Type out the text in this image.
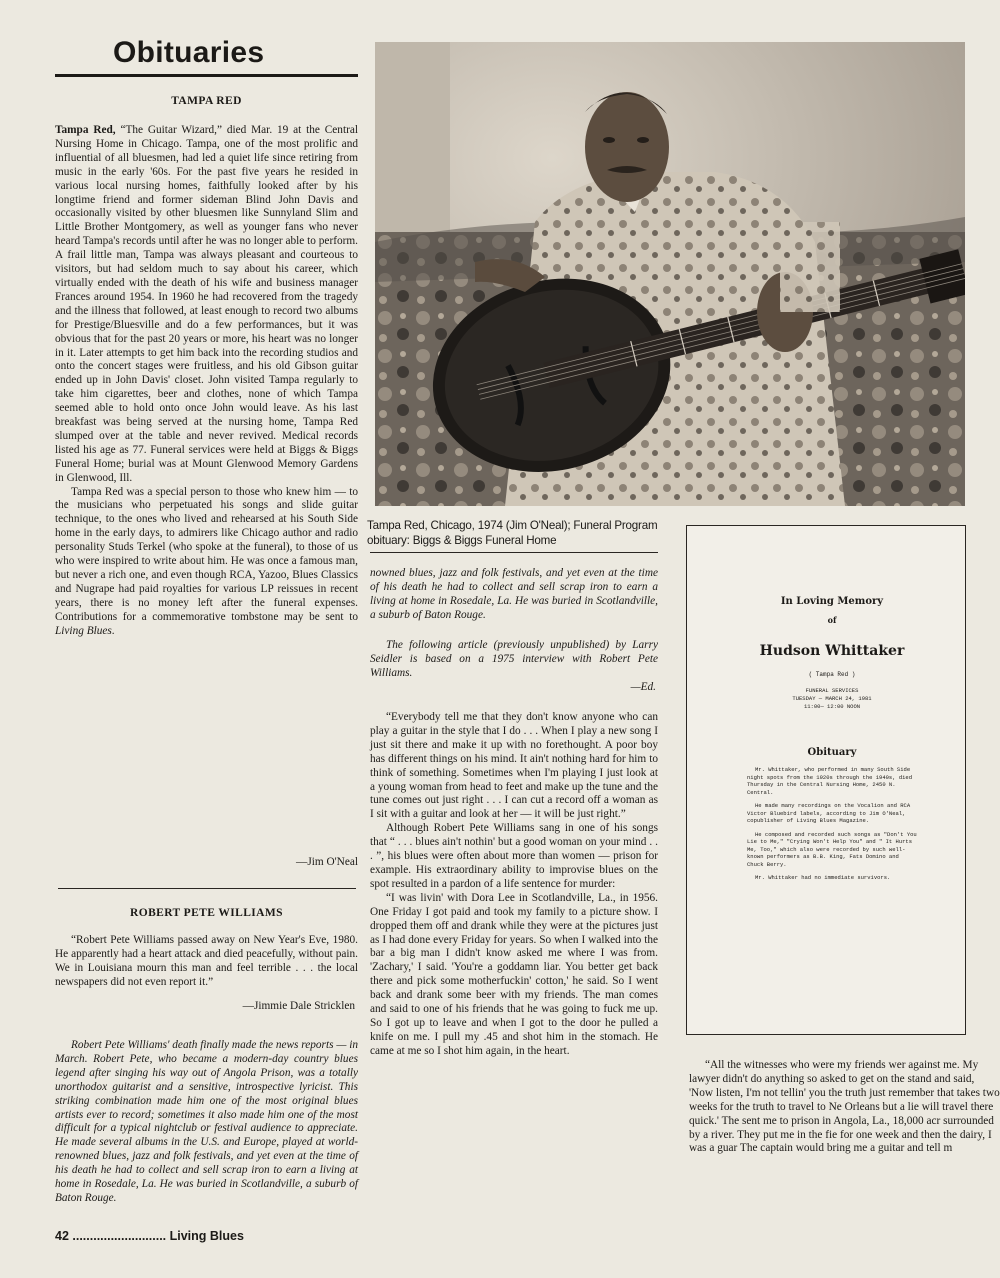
Obituaries
TAMPA RED

Tampa Red, “The Guitar Wizard,” died Mar. 19 at the Central Nursing Home in Chicago. Tampa, one of the most prolific and influential of all bluesmen, had led a quiet life since retiring from music in the early '60s. For the past five years he resided in various local nursing homes, faithfully looked after by his longtime friend and former sideman Blind John Davis and occasionally visited by other bluesmen like Sunnyland Slim and Little Brother Montgomery, as well as younger fans who never heard Tampa's records until after he was no longer able to perform. A frail little man, Tampa was always pleasant and courteous to visitors, but had seldom much to say about his career, which virtually ended with the death of his wife and business manager Frances around 1954. In 1960 he had recovered from the tragedy and the illness that followed, at least enough to record two albums for Prestige/Bluesville and do a few performances, but it was obvious that for the past 20 years or more, his heart was no longer in it. Later attempts to get him back into the recording studios and onto the concert stages were fruitless, and his old Gibson guitar ended up in John Davis' closet. John visited Tampa regularly to take him cigarettes, beer and clothes, none of which Tampa seemed able to hold onto once John would leave. As his last breakfast was being served at the nursing home, Tampa Red slumped over at the table and never revived. Medical records listed his age as 77. Funeral services were held at Biggs & Biggs Funeral Home; burial was at Mount Glenwood Memory Gardens in Glenwood, Ill.

Tampa Red was a special person to those who knew him — to the musicians who perpetuated his songs and slide guitar technique, to the ones who lived and rehearsed at his South Side home in the early days, to admirers like Chicago author and radio personality Studs Terkel (who spoke at the funeral), to those of us who were inspired to write about him. He was once a famous man, but never a rich one, and even though RCA, Yazoo, Blues Classics and Nugrape had paid royalties for various LP reissues in recent years, there is no money left after the funeral expenses. Contributions for a commemorative tombstone may be sent to Living Blues.

—Jim O'Neal

ROBERT PETE WILLIAMS

“Robert Pete Williams passed away on New Year's Eve, 1980. He apparently had a heart attack and died peacefully, without pain. We in Louisiana mourn this man and feel terrible . . . the local newspapers did not even report it.”

—Jimmie Dale Stricklen

Robert Pete Williams' death finally made the news reports — in March. Robert Pete, who became a modern-day country blues legend after singing his way out of Angola Prison, was a totally unorthodox guitarist and a sensitive, introspective lyricist. This striking combination made him one of the most original blues artists ever to record; sometimes it also made him one of the most difficult for a typical nightclub or festival audience to appreciate. He made several albums in the U.S. and Europe, played at world-renowned blues, jazz and folk festivals, and yet even at the time of his death he had to collect and sell scrap iron to earn a living at home in Rosedale, La. He was buried in Scotlandville, a suburb of Baton Rouge.

Tampa Red, Chicago, 1974 (Jim O'Neal); Funeral Program obituary: Biggs & Biggs Funeral Home

nowned blues, jazz and folk festivals, and yet even at the time of his death he had to collect and sell scrap iron to earn a living at home in Rosedale, La. He was buried in Scotlandville, a suburb of Baton Rouge.

The following article (previously unpublished) by Larry Seidler is based on a 1975 interview with Robert Pete Williams.

—Ed.

“Everybody tell me that they don't know anyone who can play a guitar in the style that I do . . . When I play a new song I just sit there and make it up with no forethought. A poor boy has different things on his mind. It ain't nothing hard for him to think of something. Sometimes when I'm playing I just look at a young woman from head to feet and make up the tune and the tune comes out just right . . . I can cut a record off a woman as I sit with a guitar and look at her — it will be just right.”

Although Robert Pete Williams sang in one of his songs that “ . . . blues ain't nothin' but a good woman on your mind . . . ”, his blues were often about more than women — prison for example. His extraordinary ability to improvise blues on the spot resulted in a pardon of a life sentence for murder:

“I was livin' with Dora Lee in Scotlandville, La., in 1956. One Friday I got paid and took my family to a picture show. I dropped them off and drank while they were at the pictures just as I had done every Friday for years. So when I walked into the bar a big man I didn't know asked me where I was from. 'Zachary,' I said. 'You're a goddamn liar. You better get back there and pick some motherfuckin' cotton,' he said. So I went back and drank some beer with my friends. The man comes and said to one of his friends that he was going to fuck me up. So I got up to leave and when I got to the door he pulled a knife on me. I pull my .45 and shot him in the stomach. He came at me so I shot him again, in the heart.

In Loving Memory
of
Hudson Whittaker
( Tampa Red )
FUNERAL SERVICES
TUESDAY — MARCH 24, 1981
11:00— 12:00 NOON
Obituary

Mr. Whittaker, who performed in many South Side night spots from the 1920s through the 1940s, died Thursday in the Central Nursing Home, 2450 N. Central.

He made many recordings on the Vocalion and RCA Victor Bluebird labels, according to Jim O'Neal, copublisher of Living Blues Magazine.

He composed and recorded such songs as "Don't You Lie to Me," "Crying Won't Help You" and " It Hurts Me, Too," which also were recorded by such well-known performers as B.B. King, Fats Domino and Chuck Berry.

Mr. Whittaker had no immediate survivors.

“All the witnesses who were my friends wer against me. My lawyer didn't do anything so asked to get on the stand and said, 'Now listen, I'm not tellin' you the truth just remember that takes two weeks for the truth to travel to Ne Orleans but a lie will travel there quick.' The sent me to prison in Angola, La., 18,000 acr surrounded by a river. They put me in the fie for one week and then the dairy, I was a guar The captain would bring me a guitar and tell m

42 ........................... Living Blues
